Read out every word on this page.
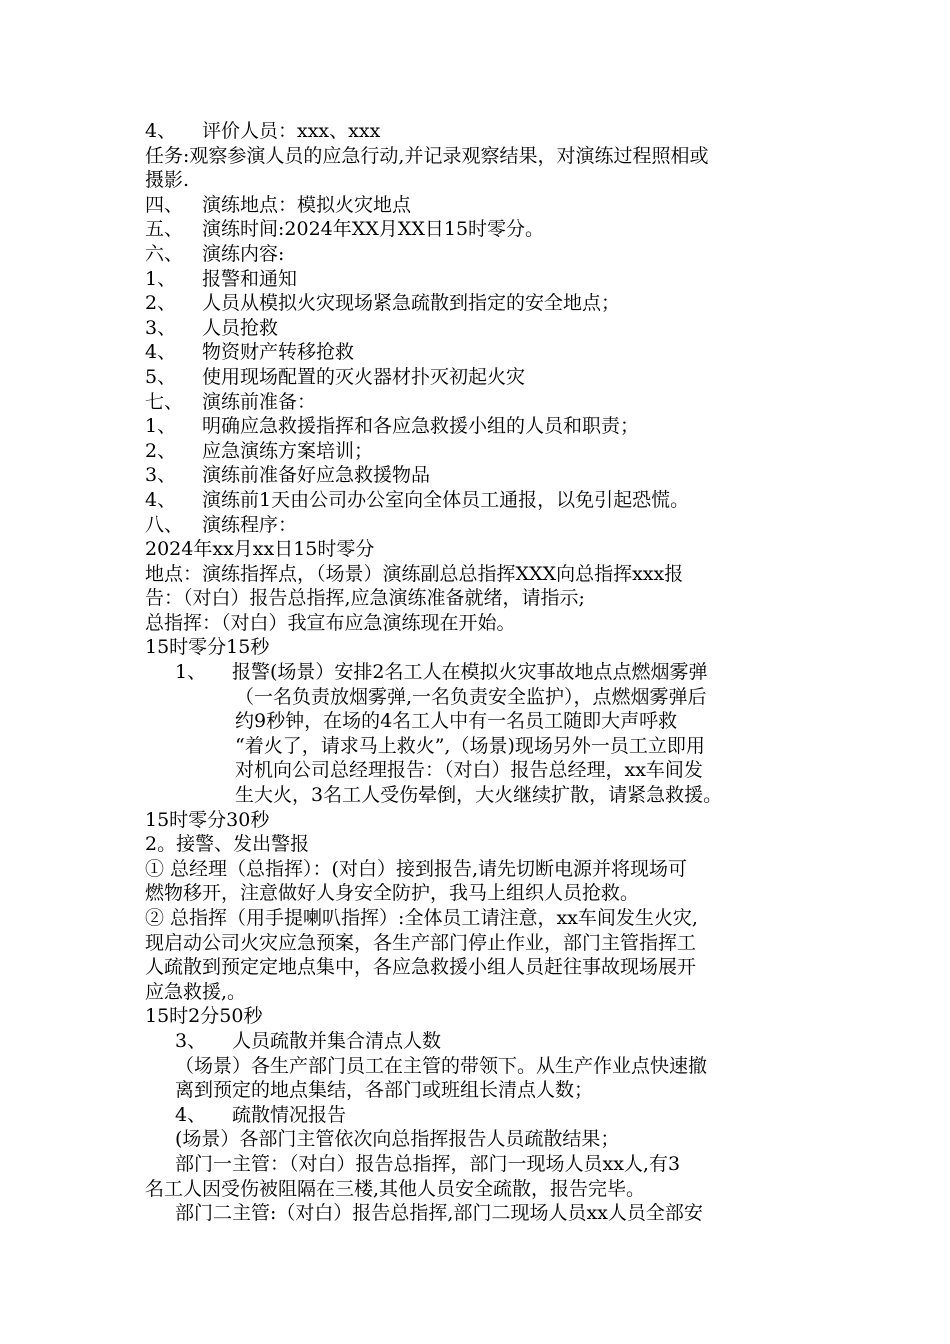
4、 评价人员：xxx、xxx
任务:观察参演人员的应急行动,并记录观察结果，对演练过程照相或
摄影.
四、 演练地点：模拟火灾地点
五、 演练时间:2024年XX月XX日15时零分。
六、 演练内容:
1、 报警和通知
2、 人员从模拟火灾现场紧急疏散到指定的安全地点；
3、 人员抢救
4、 物资财产转移抢救
5、 使用现场配置的灭火器材扑灭初起火灾
七、 演练前准备：
1、 明确应急救援指挥和各应急救援小组的人员和职责；
2、 应急演练方案培训；
3、 演练前准备好应急救援物品
4、 演练前1天由公司办公室向全体员工通报，以免引起恐慌。
八、 演练程序：
2024年xx月xx日15时零分
地点：演练指挥点，（场景）演练副总总指挥XXX向总指挥xxx报
告：（对白）报告总指挥,应急演练准备就绪，请指示;
总指挥：（对白）我宣布应急演练现在开始。
15时零分15秒
1、 报警(场景）安排2名工人在模拟火灾事故地点点燃烟雾弹
（一名负责放烟雾弹,一名负责安全监护），点燃烟雾弹后
约9秒钟，在场的4名工人中有一名员工随即大声呼救
“着火了，请求马上救火”,（场景)现场另外一员工立即用
对机向公司总经理报告：（对白）报告总经理，xx车间发
生大火，3名工人受伤晕倒，大火继续扩散，请紧急救援。
15时零分30秒
2。接警、发出警报
① 总经理（总指挥）：(对白）接到报告,请先切断电源并将现场可
燃物移开，注意做好人身安全防护，我马上组织人员抢救。
② 总指挥（用手提喇叭指挥）:全体员工请注意，xx车间发生火灾,
现启动公司火灾应急预案，各生产部门停止作业，部门主管指挥工
人疏散到预定定地点集中，各应急救援小组人员赶往事故现场展开
应急救援,。
15时2分50秒
3、 人员疏散并集合清点人数
（场景）各生产部门员工在主管的带领下。从生产作业点快速撤
离到预定的地点集结，各部门或班组长清点人数；
4、 疏散情况报告
(场景）各部门主管依次向总指挥报告人员疏散结果；
部门一主管：（对白）报告总指挥，部门一现场人员xx人,有3
名工人因受伤被阻隔在三楼,其他人员安全疏散，报告完毕。
部门二主管:（对白）报告总指挥,部门二现场人员xx人员全部安
